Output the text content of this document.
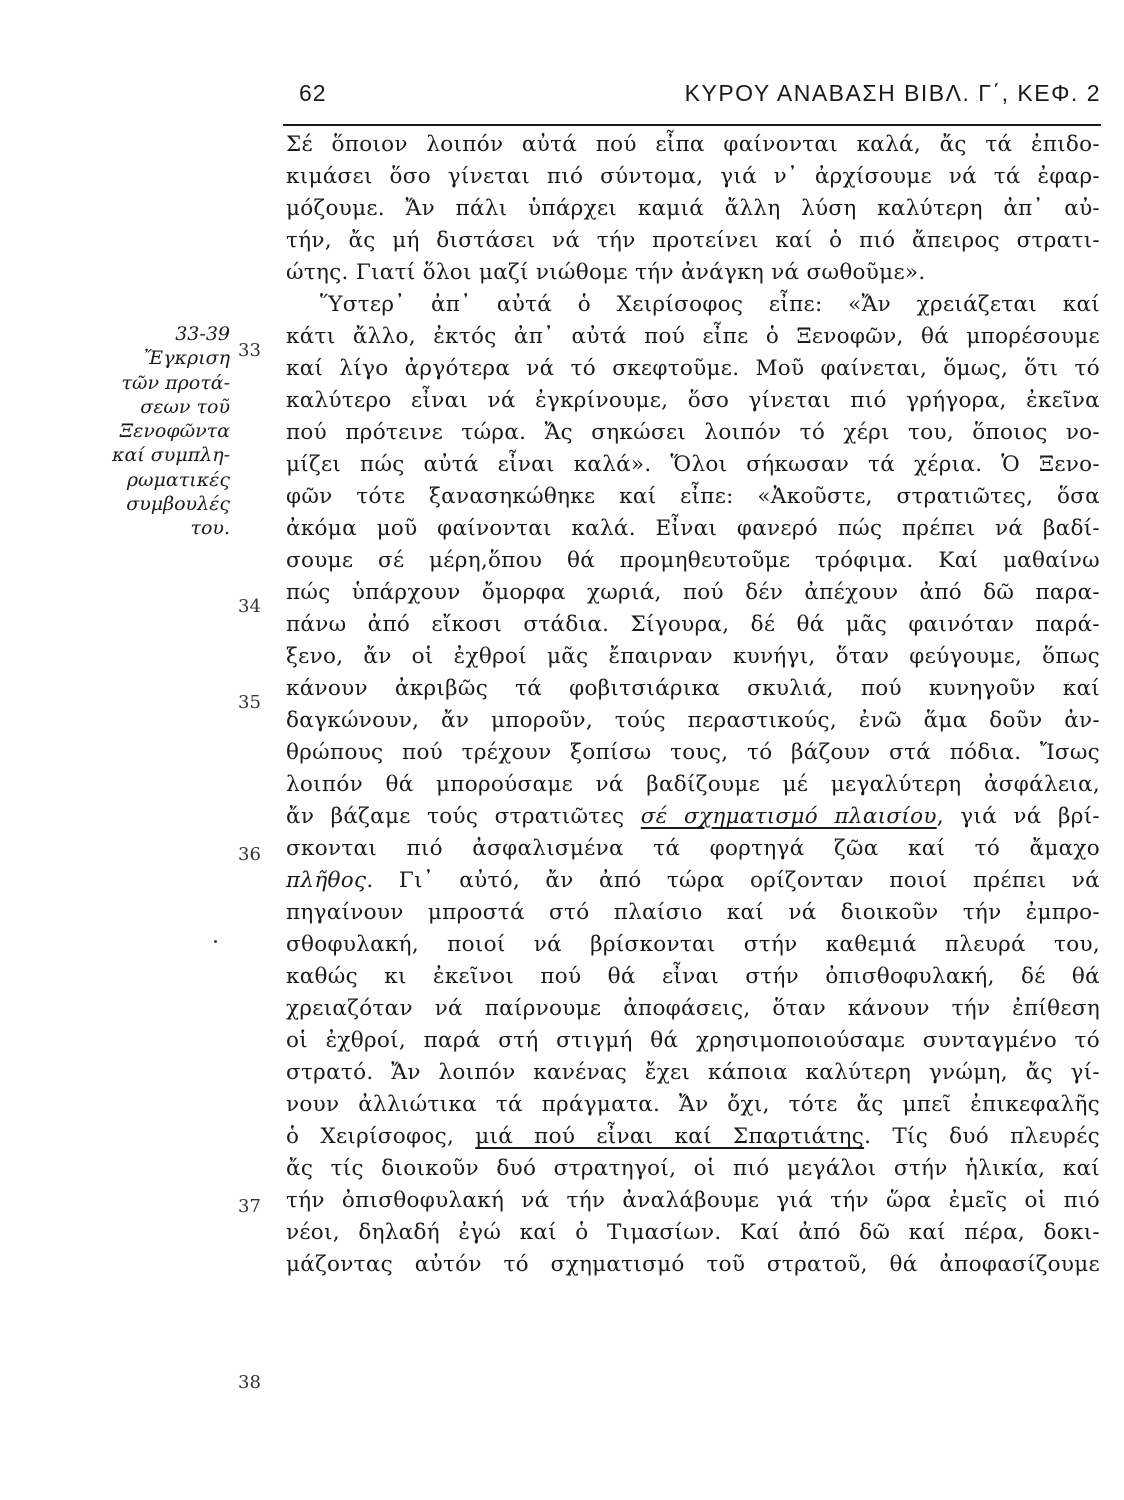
62	ΚΥΡΟΥ ΑΝΑΒΑΣΗ ΒΙΒΛ. Γ΄, ΚΕΦ. 2
33-39
Ἔγκριση
τῶν προτά-
σεων τοῦ
Ξενοφῶντα
καί συμπλη-
ρωματικές
συμβουλές
του.
33
34
35
36
37
38
Σέ ὅποιον λοιπόν αὐτά πού εἶπα φαίνονται καλά, ἄς τά ἐπιδο-
κιμάσει ὅσο γίνεται πιό σύντομα, γιά ν᾽ ἀρχίσουμε νά τά ἐφαρ-
μόζουμε. Ἄν πάλι ὑπάρχει καμιά ἄλλη λύση καλύτερη ἀπ᾽ αὐ-
τήν, ἄς μή διστάσει νά τήν προτείνει καί ὁ πιό ἄπειρος στρατι-
ώτης. Γιατί ὅλοι μαζί νιώθομε τήν ἀνάγκη νά σωθοῦμε».
Ὕστερ᾽ ἀπ᾽ αὐτά ὁ Χειρίσοφος εἶπε: «Ἄν χρειάζεται καί
κάτι ἄλλο, ἐκτός ἀπ᾽ αὐτά πού εἶπε ὁ Ξενοφῶν, θά μπορέσουμε
καί λίγο ἀργότερα νά τό σκεφτοῦμε. Μοῦ φαίνεται, ὅμως, ὅτι τό
καλύτερο εἶναι νά ἐγκρίνουμε, ὅσο γίνεται πιό γρήγορα, ἐκεῖνα
πού πρότεινε τώρα. Ἄς σηκώσει λοιπόν τό χέρι του, ὅποιος νο-
μίζει πώς αὐτά εἶναι καλά». Ὅλοι σήκωσαν τά χέρια. Ὁ Ξενο-
φῶν τότε ξανασηκώθηκε καί εἶπε: «Ἀκοῦστε, στρατιῶτες, ὅσα
ἀκόμα μοῦ φαίνονται καλά. Εἶναι φανερό πώς πρέπει νά βαδί-
σουμε σέ μέρη,ὅπου θά προμηθευτοῦμε τρόφιμα. Καί μαθαίνω
πώς ὑπάρχουν ὄμορφα χωριά, πού δέν ἀπέχουν ἀπό δῶ παρα-
πάνω ἀπό εἴκοσι στάδια. Σίγουρα, δέ θά μᾶς φαινόταν παρά-
ξενο, ἄν οἱ ἐχθροί μᾶς ἔπαιρναν κυνήγι, ὅταν φεύγουμε, ὅπως
κάνουν ἀκριβῶς τά φοβιτσιάρικα σκυλιά, πού κυνηγοῦν καί
δαγκώνουν, ἄν μποροῦν, τούς περαστικούς, ἐνῶ ἅμα δοῦν ἀν-
θρώπους πού τρέχουν ξοπίσω τους, τό βάζουν στά πόδια. Ἴσως
λοιπόν θά μπορούσαμε νά βαδίζουμε μέ μεγαλύτερη ἀσφάλεια,
ἄν βάζαμε τούς στρατιῶτες σέ σχηματισμό πλαισίου, γιά νά βρί-
σκονται πιό ἀσφαλισμένα τά φορτηγά ζῶα καί τό ἄμαχο
πλῆθος. Γι᾽ αὐτό, ἄν ἀπό τώρα ορίζονταν ποιοί πρέπει νά
πηγαίνουν μπροστά στό πλαίσιο καί νά διοικοῦν τήν ἐμπρο-
σθοφυλακή, ποιοί νά βρίσκονται στήν καθεμιά πλευρά του,
καθώς κι ἐκεῖνοι πού θά εἶναι στήν ὀπισθοφυλακή, δέ θά
χρειαζόταν νά παίρνουμε ἀποφάσεις, ὅταν κάνουν τήν ἐπίθεση
οἱ ἐχθροί, παρά στή στιγμή θά χρησιμοποιούσαμε συνταγμένο τό
στρατό. Ἄν λοιπόν κανένας ἔχει κάποια καλύτερη γνώμη, ἄς γί-
νουν ἀλλιώτικα τά πράγματα. Ἄν ὄχι, τότε ἄς μπεῖ ἐπικεφαλῆς
ὁ Χειρίσοφος, μιά πού εἶναι καί Σπαρτιάτης. Τίς δυό πλευρές
ἄς τίς διοικοῦν δυό στρατηγοί, οἱ πιό μεγάλοι στήν ἡλικία, καί
τήν ὀπισθοφυλακή νά τήν ἀναλάβουμε γιά τήν ὥρα ἐμεῖς οἱ πιό
νέοι, δηλαδή ἐγώ καί ὁ Τιμασίων. Καί ἀπό δῶ καί πέρα, δοκι-
μάζοντας αὐτόν τό σχηματισμό τοῦ στρατοῦ, θά ἀποφασίζουμε
